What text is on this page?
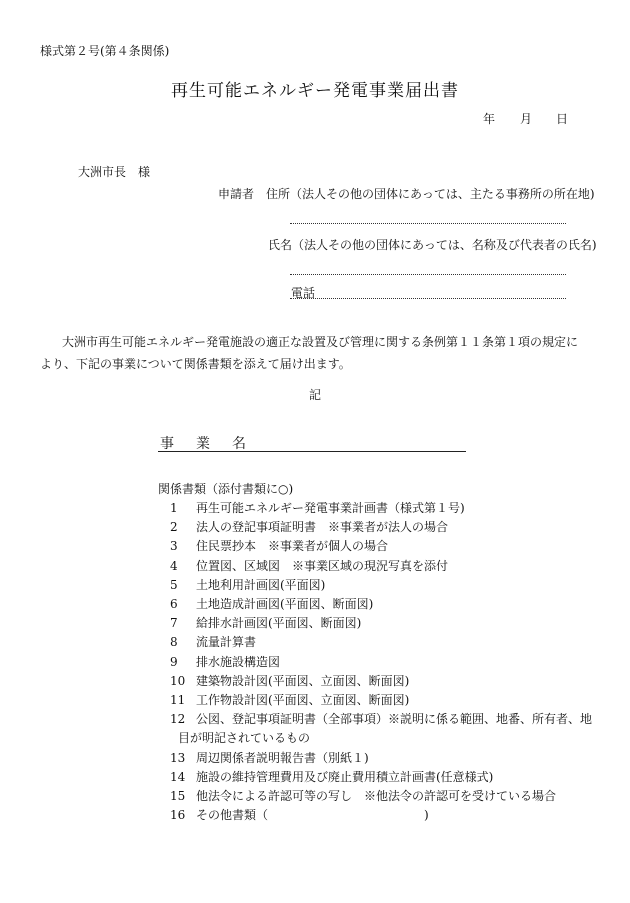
様式第２号(第４条関係)
再生可能エネルギー発電事業届出書
年 月 日
大洲市長　様
申請者　住所（法人その他の団体にあっては、主たる事務所の所在地)
氏名（法人その他の団体にあっては、名称及び代表者の氏名)
電話
大洲市再生可能エネルギー発電施設の適正な設置及び管理に関する条例第１１条第１項の規定により、下記の事業について関係書類を添えて届け出ます。
記
事　業　名
関係書類（添付書類に○)
1 再生可能エネルギー発電事業計画書（様式第１号)
2 法人の登記事項証明書　※事業者が法人の場合
3 住民票抄本　※事業者が個人の場合
4 位置図、区域図　※事業区域の現況写真を添付
5 土地利用計画図(平面図)
6 土地造成計画図(平面図、断面図)
7 給排水計画図(平面図、断面図)
8 流量計算書
9 排水施設構造図
10 建築物設計図(平面図、立面図、断面図)
11 工作物設計図(平面図、立面図、断面図)
12 公図、登記事項証明書（全部事項）※説明に係る範囲、地番、所有者、地
目が明記されているもの
13 周辺関係者説明報告書（別紙１)
14 施設の維持管理費用及び廃止費用積立計画書(任意様式)
15 他法令による許認可等の写し　※他法令の許認可を受けている場合
16 その他書類（　　　　　　　　　　　　　)
